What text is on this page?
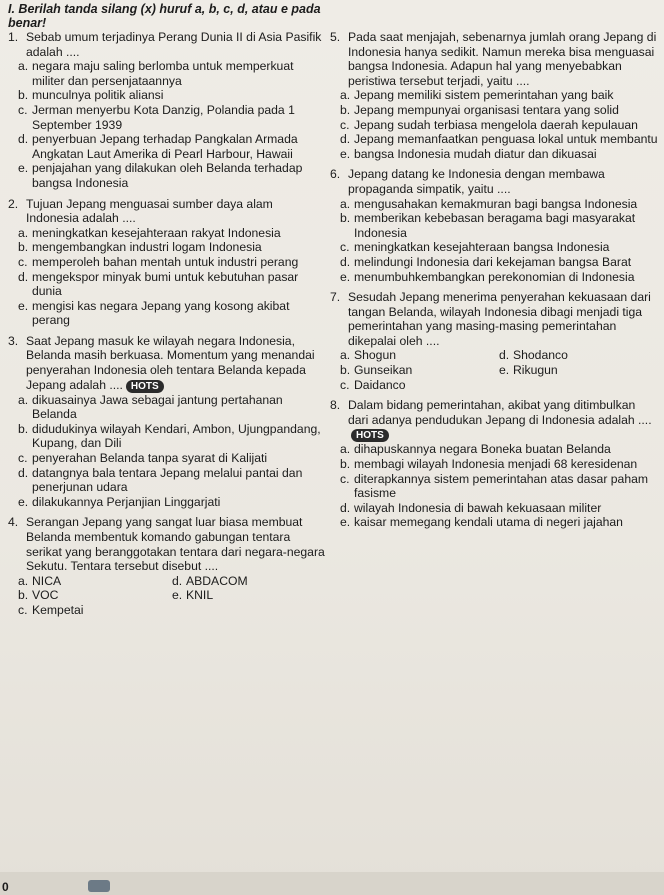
I. Berilah tanda silang (x) huruf a, b, c, d, atau e pada
benar!
1. Sebab umum terjadinya Perang Dunia II di Asia Pasifik adalah ....
a. negara maju saling berlomba untuk memperkuat militer dan persenjataannya
b. munculnya politik aliansi
c. Jerman menyerbu Kota Danzig, Polandia pada 1 September 1939
d. penyerbuan Jepang terhadap Pangkalan Armada Angkatan Laut Amerika di Pearl Harbour, Hawaii
e. penjajahan yang dilakukan oleh Belanda terhadap bangsa Indonesia
2. Tujuan Jepang menguasai sumber daya alam Indonesia adalah ....
a. meningkatkan kesejahteraan rakyat Indonesia
b. mengembangkan industri logam Indonesia
c. memperoleh bahan mentah untuk industri perang
d. mengekspor minyak bumi untuk kebutuhan pasar dunia
e. mengisi kas negara Jepang yang kosong akibat perang
3. Saat Jepang masuk ke wilayah negara Indonesia, Belanda masih berkuasa. Momentum yang menandai penyerahan Indonesia oleh tentara Belanda kepada Jepang adalah .... HOTS
a. dikuasainya Jawa sebagai jantung pertahanan Belanda
b. didudukinya wilayah Kendari, Ambon, Ujungpandang, Kupang, dan Dili
c. penyerahan Belanda tanpa syarat di Kalijati
d. datangnya bala tentara Jepang melalui pantai dan penerjunan udara
e. dilakukannya Perjanjian Linggarjati
4. Serangan Jepang yang sangat luar biasa membuat Belanda membentuk komando gabungan tentara serikat yang beranggotakan tentara dari negara-negara Sekutu. Tentara tersebut disebut ....
a. NICA	d. ABDACOM
b. VOC	e. KNIL
c. Kempetai
5. Pada saat menjajah, sebenarnya jumlah orang Jepang di Indonesia hanya sedikit. Namun mereka bisa menguasai bangsa Indonesia. Adapun hal yang menyebabkan peristiwa tersebut terjadi, yaitu ....
a. Jepang memiliki sistem pemerintahan yang baik
b. Jepang mempunyai organisasi tentara yang solid
c. Jepang sudah terbiasa mengelola daerah kepulauan
d. Jepang memanfaatkan penguasa lokal untuk membantu
e. bangsa Indonesia mudah diatur dan dikuasai
6. Jepang datang ke Indonesia dengan membawa propaganda simpatik, yaitu ....
a. mengusahakan kemakmuran bagi bangsa Indonesia
b. memberikan kebebasan beragama bagi masyarakat Indonesia
c. meningkatkan kesejahteraan bangsa Indonesia
d. melindungi Indonesia dari kekejaman bangsa Barat
e. menumbuhkembangkan perekonomian di Indonesia
7. Sesudah Jepang menerima penyerahan kekuasaan dari tangan Belanda, wilayah Indonesia dibagi menjadi tiga pemerintahan yang masing-masing pemerintahan dikepalai oleh ....
a. Shogun	d. Shodanco
b. Gunseikan	e. Rikugun
c. Daidanco
8. Dalam bidang pemerintahan, akibat yang ditimbulkan dari adanya pendudukan Jepang di Indonesia adalah ....HOTS
a. dihapuskannya negara Boneka buatan Belanda
b. membagi wilayah Indonesia menjadi 68 keresidenan
c. diterapkannya sistem pemerintahan atas dasar paham fasisme
d. wilayah Indonesia di bawah kekuasaan militer
e. kaisar memegang kendali utama di negeri jajahan
0
